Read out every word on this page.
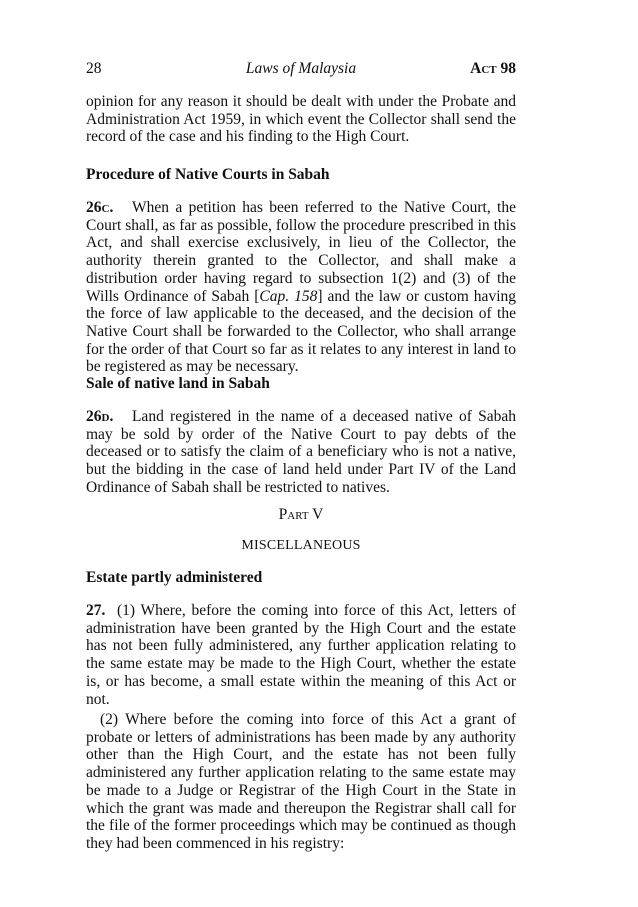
28	Laws of Malaysia	Act 98

opinion for any reason it should be dealt with under the Probate and Administration Act 1959, in which event the Collector shall send the record of the case and his finding to the High Court.

Procedure of Native Courts in Sabah

26c. When a petition has been referred to the Native Court, the Court shall, as far as possible, follow the procedure prescribed in this Act, and shall exercise exclusively, in lieu of the Collector, the authority therein granted to the Collector, and shall make a distribution order having regard to subsection 1(2) and (3) of the Wills Ordinance of Sabah [Cap. 158] and the law or custom having the force of law applicable to the deceased, and the decision of the Native Court shall be forwarded to the Collector, who shall arrange for the order of that Court so far as it relates to any interest in land to be registered as may be necessary.

Sale of native land in Sabah

26d. Land registered in the name of a deceased native of Sabah may be sold by order of the Native Court to pay debts of the deceased or to satisfy the claim of a beneficiary who is not a native, but the bidding in the case of land held under Part IV of the Land Ordinance of Sabah shall be restricted to natives.

Part V
MISCELLANEOUS
Estate partly administered

27. (1) Where, before the coming into force of this Act, letters of administration have been granted by the High Court and the estate has not been fully administered, any further application relating to the same estate may be made to the High Court, whether the estate is, or has become, a small estate within the meaning of this Act or not.

(2) Where before the coming into force of this Act a grant of probate or letters of administrations has been made by any authority other than the High Court, and the estate has not been fully administered any further application relating to the same estate may be made to a Judge or Registrar of the High Court in the State in which the grant was made and thereupon the Registrar shall call for the file of the former proceedings which may be continued as though they had been commenced in his registry:
